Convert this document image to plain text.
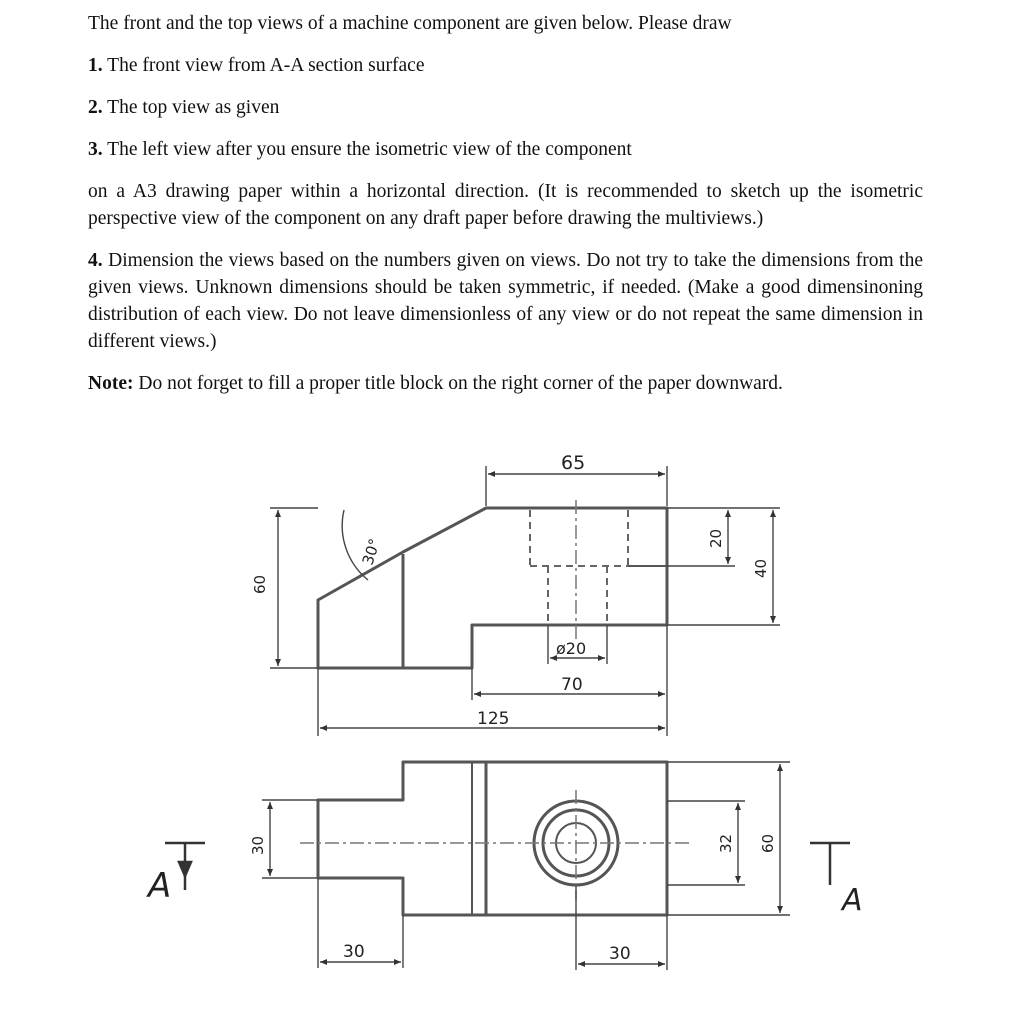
The front and the top views of a machine component are given below. Please draw

1. The front view from A-A section surface

2. The top view as given

3. The left view after you ensure the isometric view of the component

on a A3 drawing paper within a horizontal direction. (It is recommended to sketch up the isometric perspective view of the component on any draft paper before drawing the multiviews.)

4. Dimension the views based on the numbers given on views. Do not try to take the dimensions from the given views. Unknown dimensions should be taken symmetric, if needed. (Make a good dimensinoning distribution of each view. Do not leave dimensionless of any view or do not repeat the same dimension in different views.)

Note: Do not forget to fill a proper title block on the right corner of the paper downward.

65
60
30°	20
40
ø20
70
125
A	A
30	32 60
30	30
